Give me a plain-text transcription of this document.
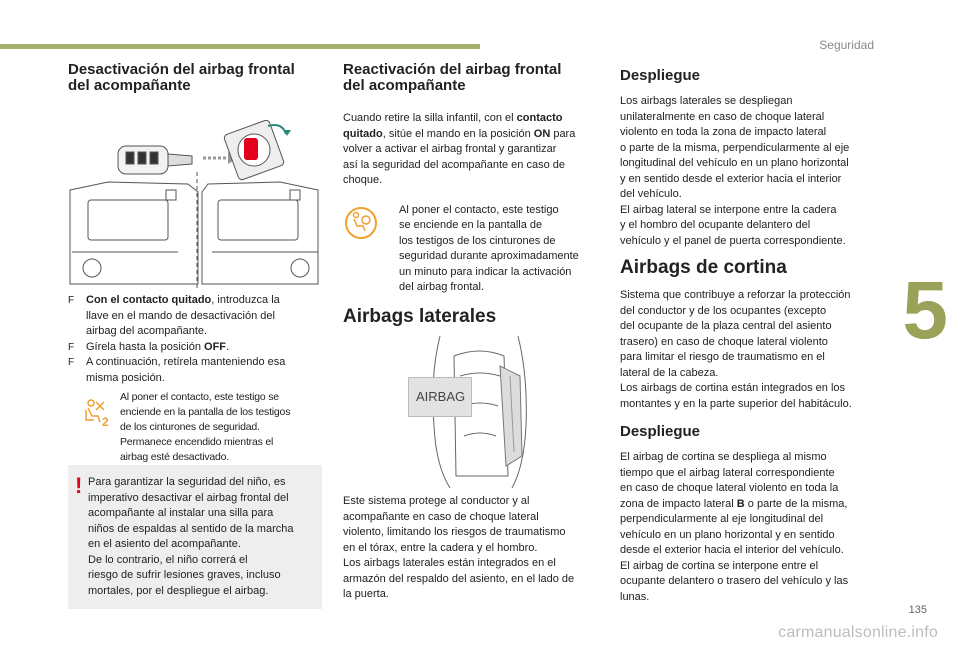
Seguridad
5
Desactivación del airbag frontal
del acompañante
F Con el contacto quitado, introduzca la
llave en el mando de desactivación del
airbag del acompañante.
F Gírela hasta la posición OFF.
F A continuación, retírela manteniendo esa
misma posición.
2
Al poner el contacto, este testigo se
enciende en la pantalla de los testigos
de los cinturones de seguridad.
Permanece encendido mientras el
airbag esté desactivado.
! Para garantizar la seguridad del niño, es
imperativo desactivar el airbag frontal del
acompañante al instalar una silla para
niños de espaldas al sentido de la marcha
en el asiento del acompañante.
De lo contrario, el niño correrá el
riesgo de sufrir lesiones graves, incluso
mortales, por el despliegue el airbag.

Reactivación del airbag frontal
del acompañante

Cuando retire la silla infantil, con el contacto
quitado, sitúe el mando en la posición ON para
volver a activar el airbag frontal y garantizar
así la seguridad del acompañante en caso de
choque.

Al poner el contacto, este testigo
se enciende en la pantalla de
los testigos de los cinturones de
seguridad durante aproximadamente
un minuto para indicar la activación
del airbag frontal.

Airbags laterales
AIRBAG

Este sistema protege al conductor y al
acompañante en caso de choque lateral
violento, limitando los riesgos de traumatismo
en el tórax, entre la cadera y el hombro.
Los airbags laterales están integrados en el
armazón del respaldo del asiento, en el lado de
la puerta.

Despliegue

Los airbags laterales se despliegan
unilateralmente en caso de choque lateral
violento en toda la zona de impacto lateral
o parte de la misma, perpendicularmente al eje
longitudinal del vehículo en un plano horizontal
y en sentido desde el exterior hacia el interior
del vehículo.
El airbag lateral se interpone entre la cadera
y el hombro del ocupante delantero del
vehículo y el panel de puerta correspondiente.

Airbags de cortina

Sistema que contribuye a reforzar la protección
del conductor y de los ocupantes (excepto
del ocupante de la plaza central del asiento
trasero) en caso de choque lateral violento
para limitar el riesgo de traumatismo en el
lateral de la cabeza.
Los airbags de cortina están integrados en los
montantes y en la parte superior del habitáculo.

Despliegue

El airbag de cortina se despliega al mismo
tiempo que el airbag lateral correspondiente
en caso de choque lateral violento en toda la
zona de impacto lateral B o parte de la misma,
perpendicularmente al eje longitudinal del
vehículo en un plano horizontal y en sentido
desde el exterior hacia el interior del vehículo.
El airbag de cortina se interpone entre el
ocupante delantero o trasero del vehículo y las
lunas.

135
carmanualsonline.info
